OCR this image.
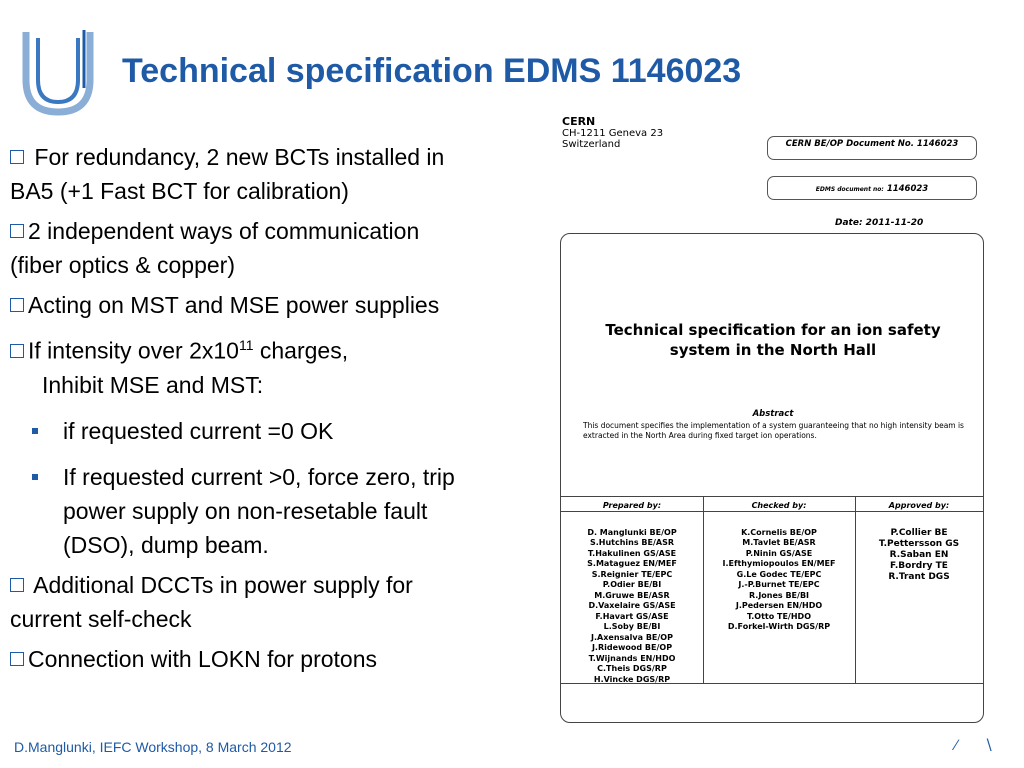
Technical specification EDMS 1146023
For redundancy, 2 new BCTs installed in
BA5 (+1 Fast BCT for calibration)
2 independent ways of communication
(fiber optics & copper)
Acting on MST and MSE power supplies
If intensity over $2x10^{11}$ charges,
Inhibit MSE and MST:
if requested current =0 OK
If requested current >0, force zero, trip
power supply on non-resetable fault
(DSO), dump beam.
Additional DCCTs in power supply for
current self-check
Connection with LOKN for protons
CERN
CH-1211 Geneva 23
Switzerland	CERN BE/OP Document No. 1146023
EDMS document no: 1146023
Date: 2011-11-20
Technical specification for an ion safety
system in the North Hall
Abstract
This document specifies the implementation of a system guaranteeing that no high intensity beam is extracted in the North Area during fixed target ion operations.
Prepared by:
D. Manglunki BE/OP
S.Hutchins BE/ASR
T.Hakulinen GS/ASE
S.Mataguez EN/MEF
S.Reignier TE/EPC
P.Odier BE/BI
M.Gruwe BE/ASR
D.Vaxelaire GS/ASE
F.Havart GS/ASE
L.Soby BE/BI
J.Axensalva BE/OP
J.Ridewood BE/OP
T.Wijnands EN/HDO
C.Theis DGS/RP
H.Vincke DGS/RP
Checked by:
K.Cornelis BE/OP
M.Tavlet BE/ASR
P.Ninin GS/ASE
I.Efthymiopoulos EN/MEF
G.Le Godec TE/EPC
J.-P.Burnet TE/EPC
R.Jones BE/BI
J.Pedersen EN/HDO
T.Otto TE/HDO
D.Forkel-Wirth DGS/RP
Approved by:
P.Collier BE
T.Pettersson GS
R.Saban EN
F.Bordry TE
R.Trant DGS
D.Manglunki, IEFC Workshop, 8 March 2012	∕ ∖
